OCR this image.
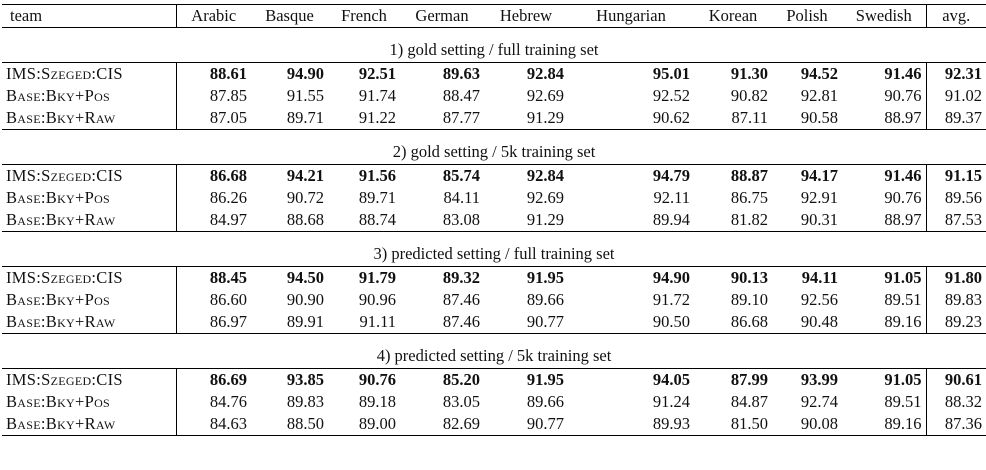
team	Arabic	Basque	French	German	Hebrew	Hungarian	Korean	Polish	Swedish	avg.
1) gold setting / full training set										
IMS:Szeged:CIS	88.61	94.90	92.51	89.63	92.84	95.01	91.30	94.52	91.46	92.31
Base:Bky+Pos	87.85	91.55	91.74	88.47	92.69	92.52	90.82	92.81	90.76	91.02
Base:Bky+Raw	87.05	89.71	91.22	87.77	91.29	90.62	87.11	90.58	88.97	89.37
2) gold setting / 5k training set										
IMS:Szeged:CIS	86.68	94.21	91.56	85.74	92.84	94.79	88.87	94.17	91.46	91.15
Base:Bky+Pos	86.26	90.72	89.71	84.11	92.69	92.11	86.75	92.91	90.76	89.56
Base:Bky+Raw	84.97	88.68	88.74	83.08	91.29	89.94	81.82	90.31	88.97	87.53
3) predicted setting / full training set										
IMS:Szeged:CIS	88.45	94.50	91.79	89.32	91.95	94.90	90.13	94.11	91.05	91.80
Base:Bky+Pos	86.60	90.90	90.96	87.46	89.66	91.72	89.10	92.56	89.51	89.83
Base:Bky+Raw	86.97	89.91	91.11	87.46	90.77	90.50	86.68	90.48	89.16	89.23
4) predicted setting / 5k training set										
IMS:Szeged:CIS	86.69	93.85	90.76	85.20	91.95	94.05	87.99	93.99	91.05	90.61
Base:Bky+Pos	84.76	89.83	89.18	83.05	89.66	91.24	84.87	92.74	89.51	88.32
Base:Bky+Raw	84.63	88.50	89.00	82.69	90.77	89.93	81.50	90.08	89.16	87.36
